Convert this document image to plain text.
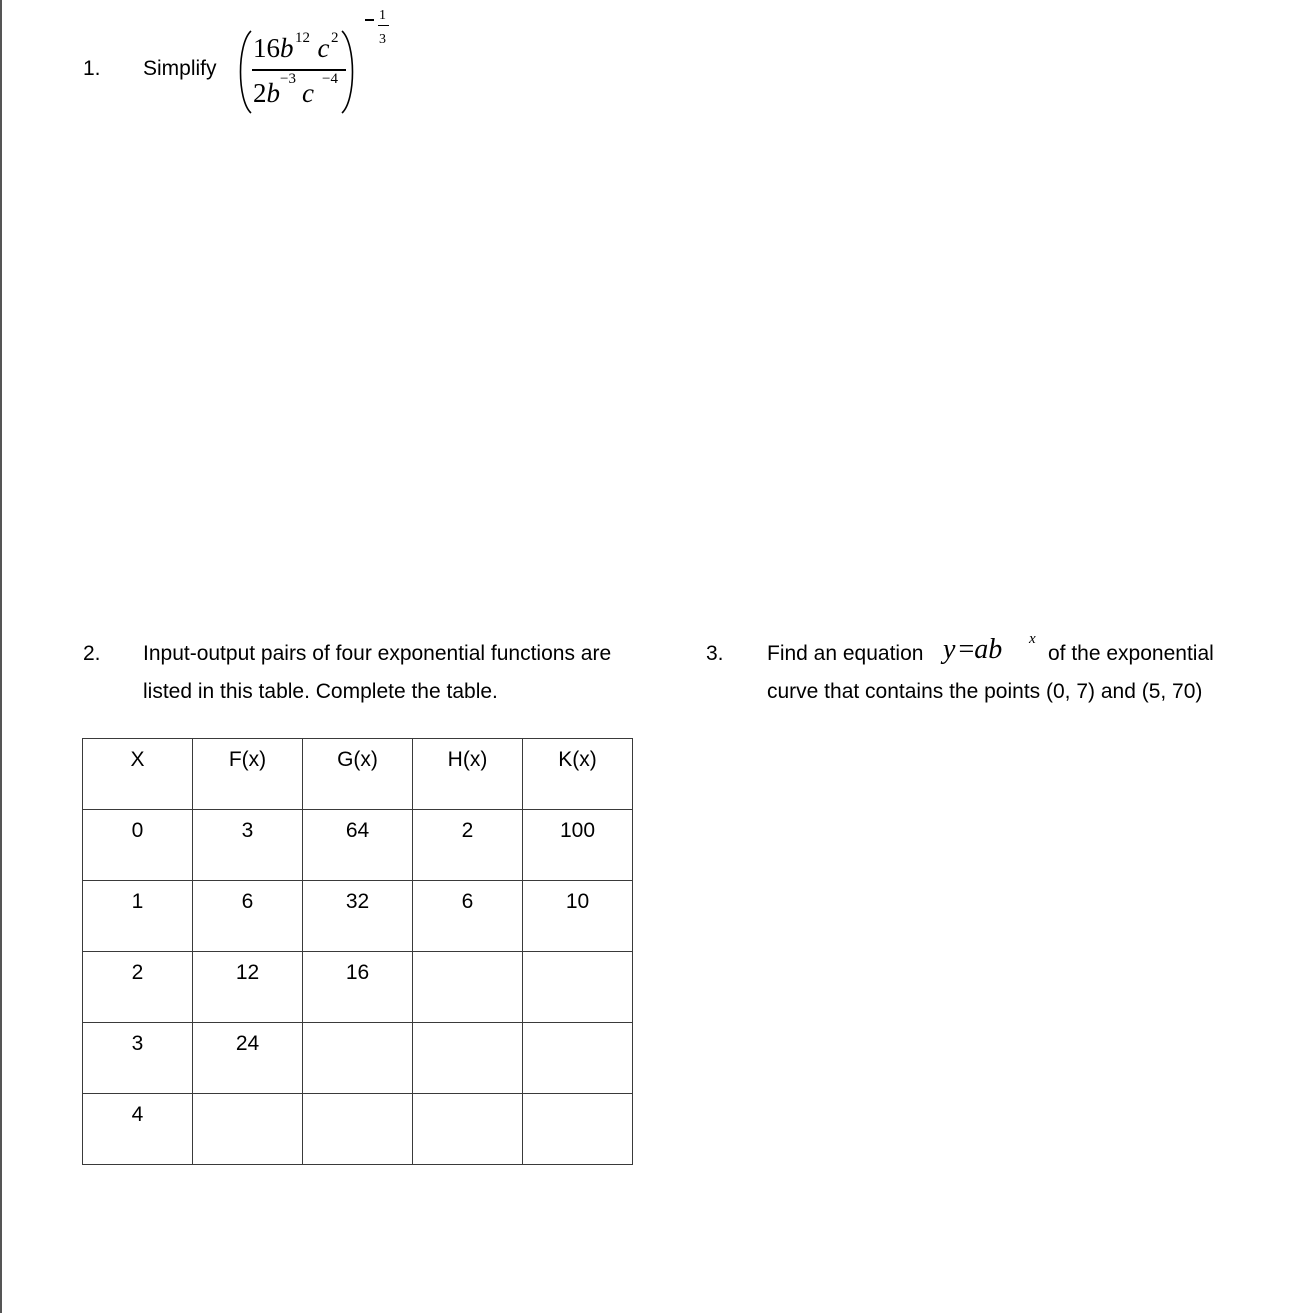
1. Simplify
16b c
12 2
2b c
−3 −4
1
3
2. Input-output pairs of four exponential functions are
listed in this table. Complete the table.
X	F(x)	G(x)	H(x)	K(x)

0	3	64	2	100

1	6	32	6	10

2	12	16		

3	24			

4				

3. Find an equation y =ab x
of the exponential
curve that contains the points (0, 7) and (5, 70)
